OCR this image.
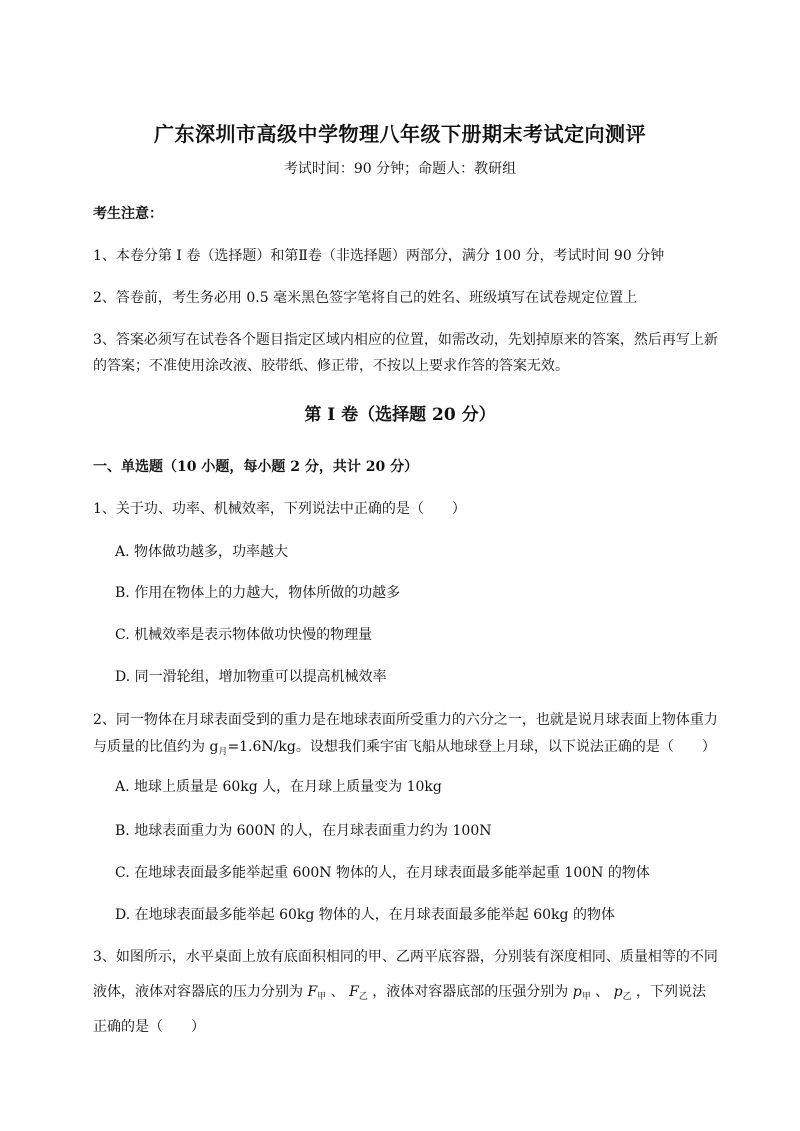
广东深圳市高级中学物理八年级下册期末考试定向测评
考试时间：90 分钟；命题人：教研组
考生注意：
1、本卷分第 I 卷（选择题）和第Ⅱ卷（非选择题）两部分，满分 100 分，考试时间 90 分钟
2、答卷前，考生务必用 0.5 毫米黑色签字笔将自己的姓名、班级填写在试卷规定位置上
3、答案必须写在试卷各个题目指定区域内相应的位置，如需改动，先划掉原来的答案，然后再写上新
的答案；不准使用涂改液、胶带纸、修正带，不按以上要求作答的答案无效。
第 I 卷（选择题 20 分）
一、单选题（10 小题，每小题 2 分，共计 20 分）
1、关于功、功率、机械效率，下列说法中正确的是（　　）
A. 物体做功越多，功率越大
B. 作用在物体上的力越大，物体所做的功越多
C. 机械效率是表示物体做功快慢的物理量
D. 同一滑轮组，增加物重可以提高机械效率
2、同一物体在月球表面受到的重力是在地球表面所受重力的六分之一，也就是说月球表面上物体重力
与质量的比值约为 $g_月=1.6N/kg$。设想我们乘宇宙飞船从地球登上月球，以下说法正确的是（　　）
A. 地球上质量是 60kg 人，在月球上质量变为 10kg
B. 地球表面重力为 600N 的人，在月球表面重力约为 100N
C. 在地球表面最多能举起重 600N 物体的人，在月球表面最多能举起重 100N 的物体
D. 在地球表面最多能举起 60kg 物体的人，在月球表面最多能举起 60kg 的物体
3、如图所示，水平桌面上放有底面积相同的甲、乙两平底容器，分别装有深度相同、质量相等的不同
液体，液体对容器底的压力分别为 $F_甲$ 、 $F_乙$ ，液体对容器底部的压强分别为 $p_甲$ 、 $p_乙$ ，下列说法
正确的是（　　）
